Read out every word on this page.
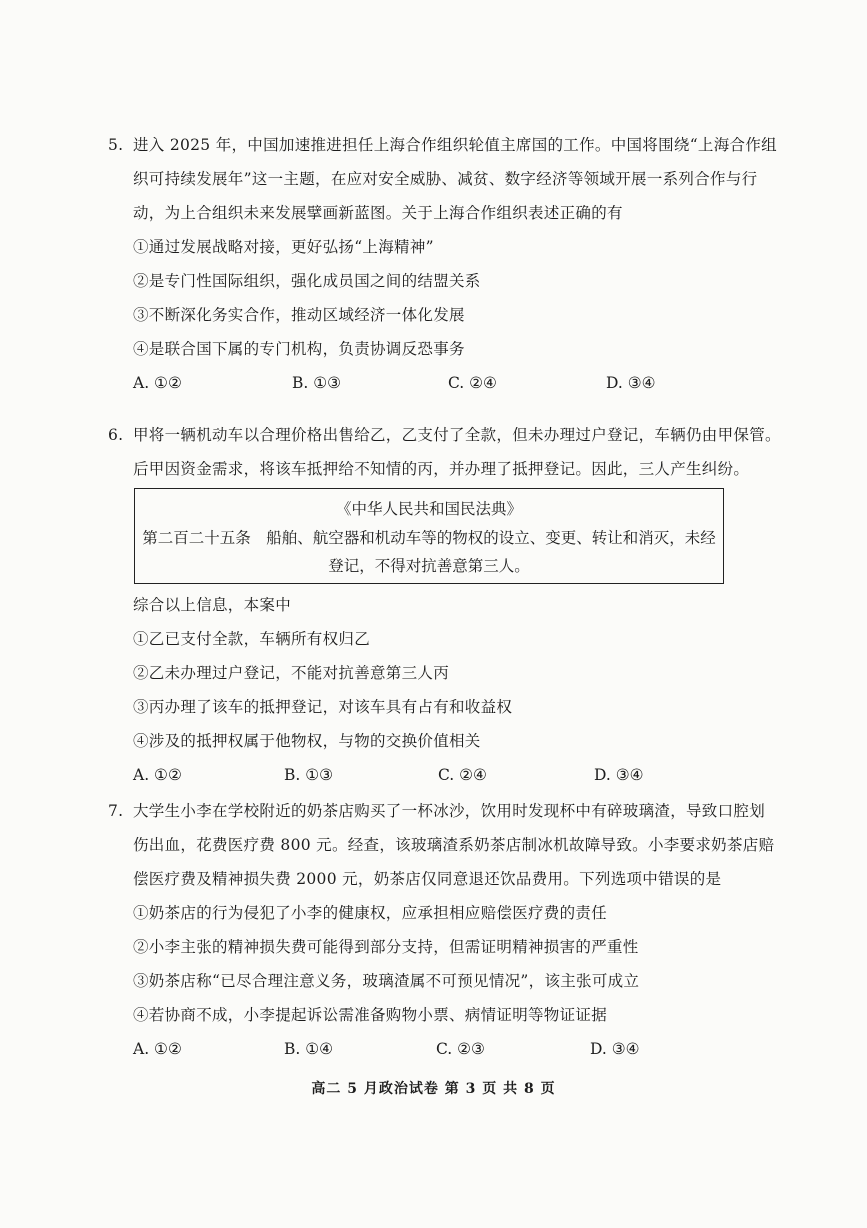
5. 进入 2025 年，中国加速推进担任上海合作组织轮值主席国的工作。中国将围绕“上海合作组
织可持续发展年”这一主题，在应对安全威胁、减贫、数字经济等领域开展一系列合作与行
动，为上合组织未来发展擘画新蓝图。关于上海合作组织表述正确的有
①通过发展战略对接，更好弘扬“上海精神”
②是专门性国际组织，强化成员国之间的结盟关系
③不断深化务实合作，推动区域经济一体化发展
④是联合国下属的专门机构，负责协调反恐事务
A. ①②	B. ①③	C. ②④	D. ③④
6. 甲将一辆机动车以合理价格出售给乙，乙支付了全款，但未办理过户登记，车辆仍由甲保管。
后甲因资金需求，将该车抵押给不知情的丙，并办理了抵押登记。因此，三人产生纠纷。
《中华人民共和国民法典》
第二百二十五条　船舶、航空器和机动车等的物权的设立、变更、转让和消灭，未经
登记，不得对抗善意第三人。
综合以上信息，本案中
①乙已支付全款，车辆所有权归乙
②乙未办理过户登记，不能对抗善意第三人丙
③丙办理了该车的抵押登记，对该车具有占有和收益权
④涉及的抵押权属于他物权，与物的交换价值相关
A. ①②	B. ①③	C. ②④	D. ③④
7. 大学生小李在学校附近的奶茶店购买了一杯冰沙，饮用时发现杯中有碎玻璃渣，导致口腔划
伤出血，花费医疗费 800 元。经查，该玻璃渣系奶茶店制冰机故障导致。小李要求奶茶店赔
偿医疗费及精神损失费 2000 元，奶茶店仅同意退还饮品费用。下列选项中错误的是
①奶茶店的行为侵犯了小李的健康权，应承担相应赔偿医疗费的责任
②小李主张的精神损失费可能得到部分支持，但需证明精神损害的严重性
③奶茶店称“已尽合理注意义务，玻璃渣属不可预见情况”，该主张可成立
④若协商不成，小李提起诉讼需准备购物小票、病情证明等物证证据
A. ①②	B. ①④	C. ②③	D. ③④
高二 5 月政治试卷 第 3 页 共 8 页
